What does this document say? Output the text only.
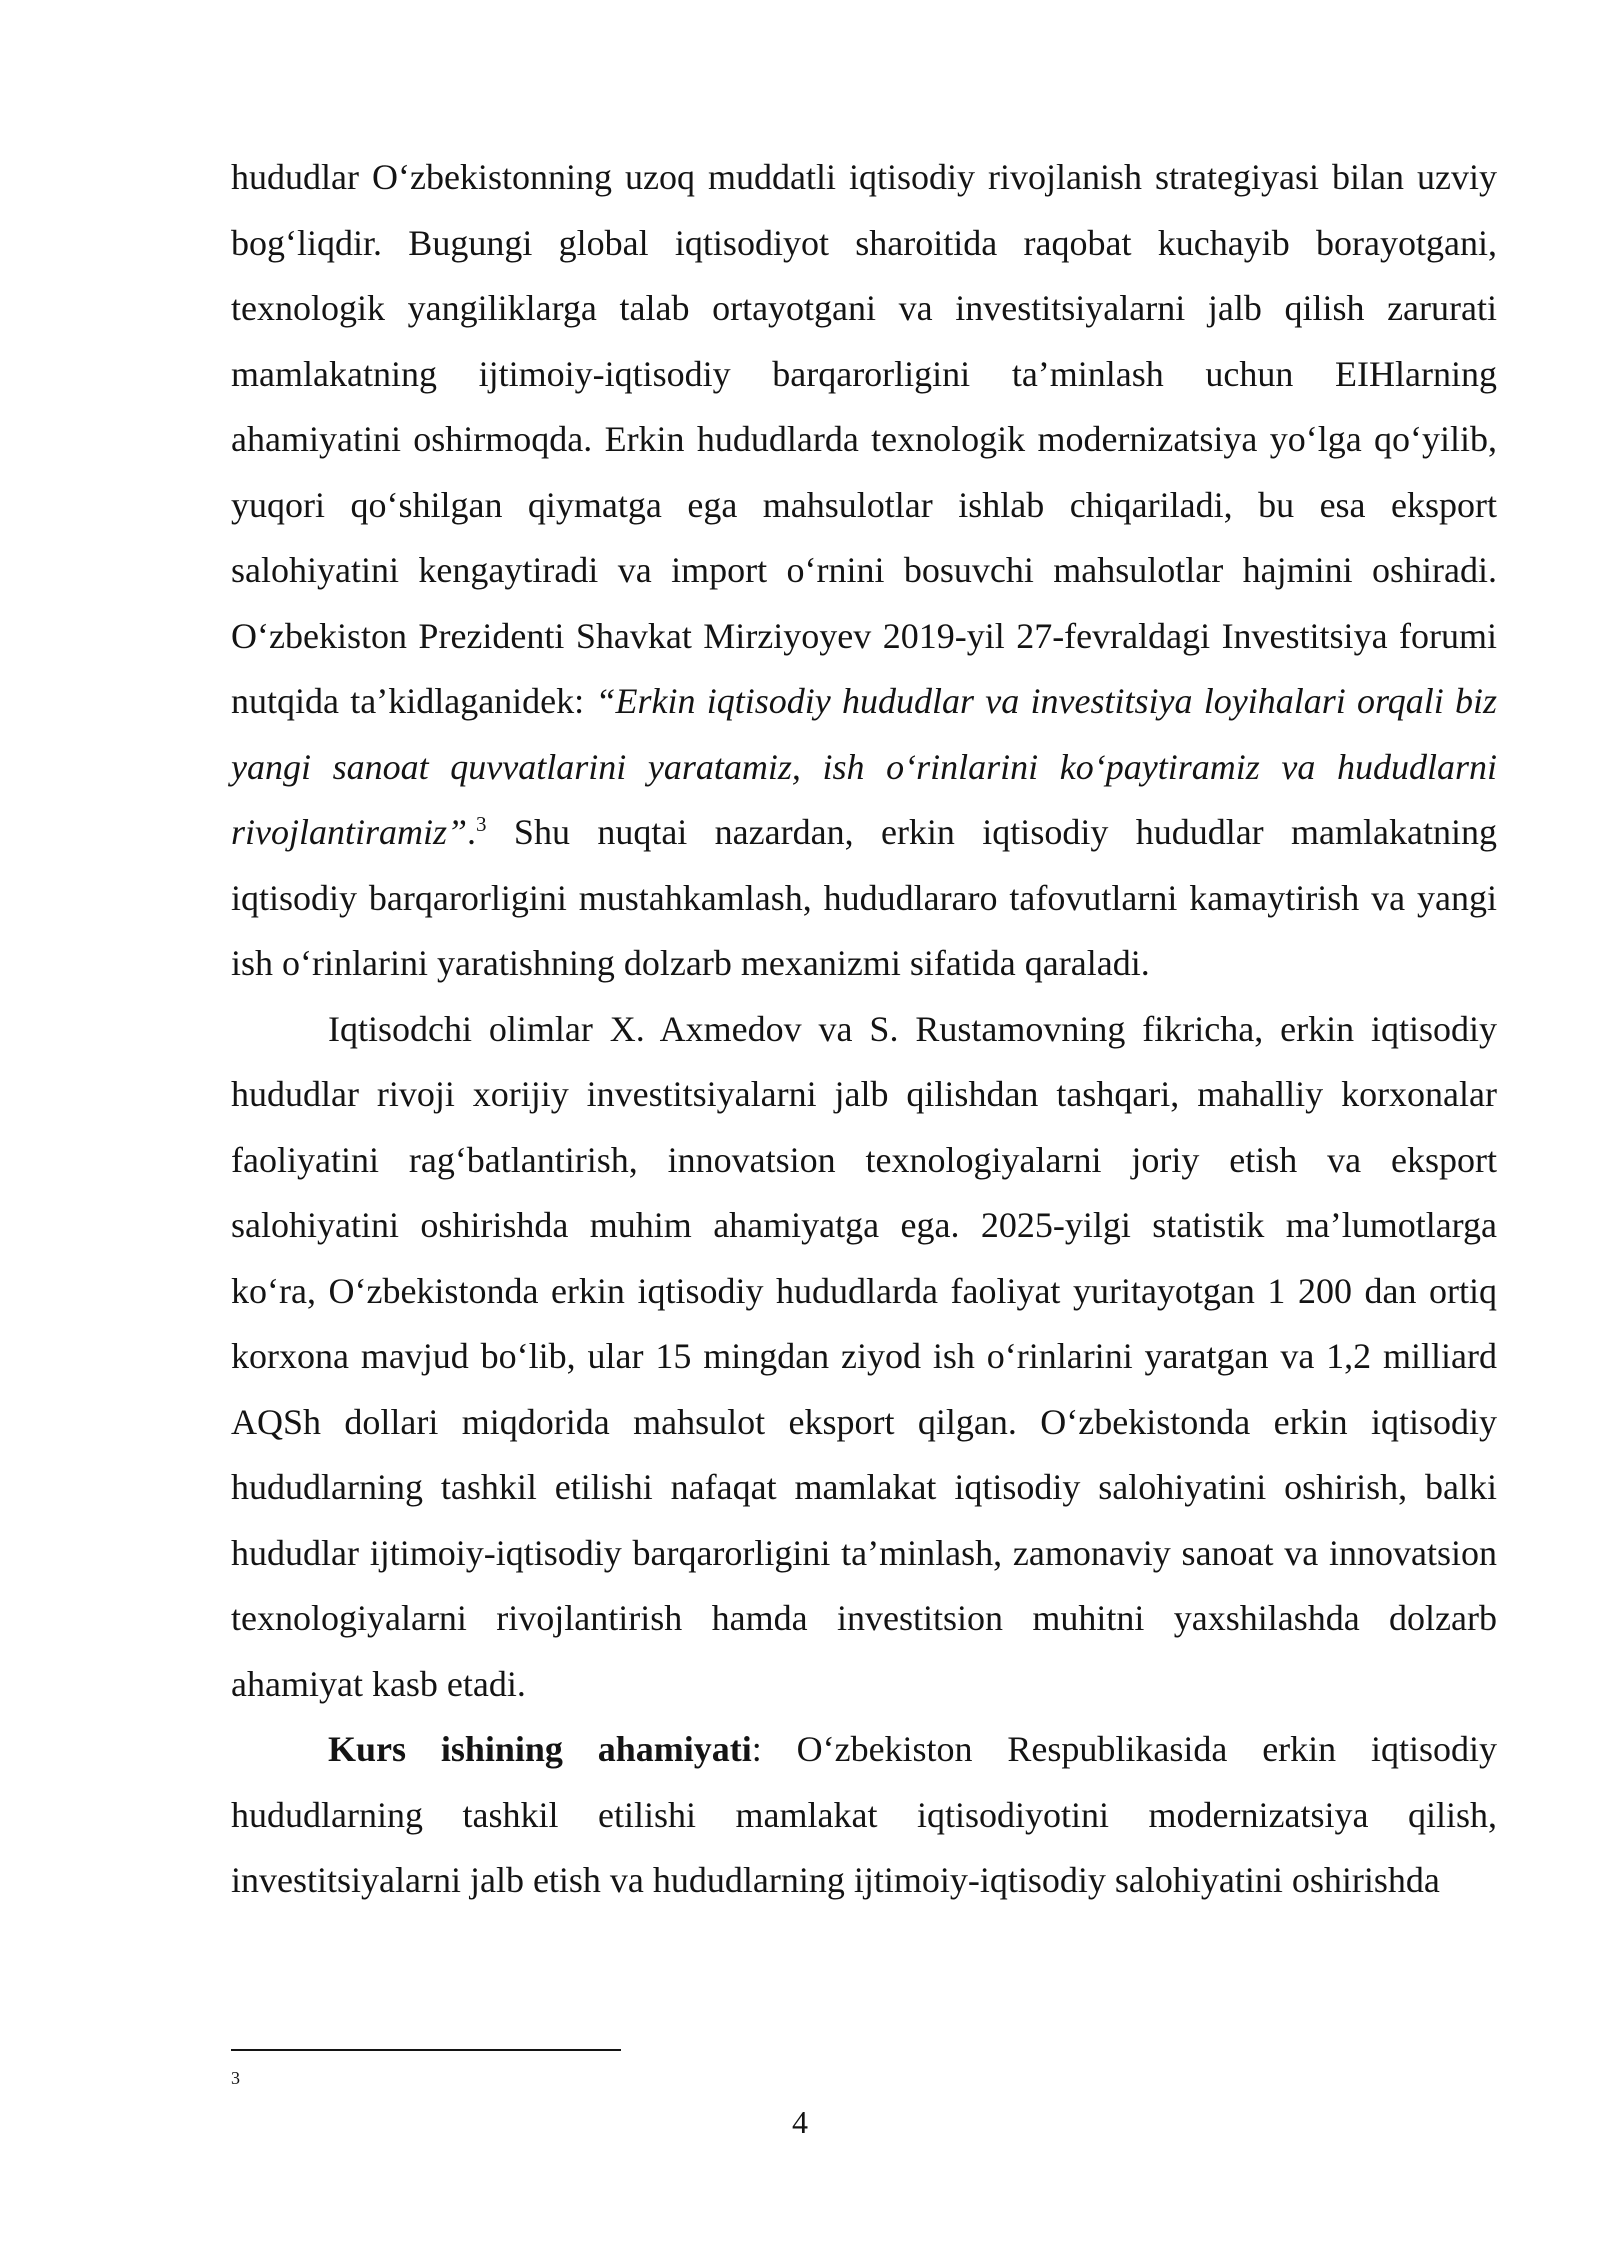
hududlar O‘zbekistonning uzoq muddatli iqtisodiy rivojlanish strategiyasi bilan uzviy bog‘liqdir. Bugungi global iqtisodiyot sharoitida raqobat kuchayib borayotgani, texnologik yangiliklarga talab ortayotgani va investitsiyalarni jalb qilish zarurati mamlakatning ijtimoiy-iqtisodiy barqarorligini ta’minlash uchun EIHlarning ahamiyatini oshirmoqda. Erkin hududlarda texnologik modernizatsiya yo‘lga qo‘yilib, yuqori qo‘shilgan qiymatga ega mahsulotlar ishlab chiqariladi, bu esa eksport salohiyatini kengaytiradi va import o‘rnini bosuvchi mahsulotlar hajmini oshiradi. O‘zbekiston Prezidenti Shavkat Mirziyoyev 2019-yil 27-fevraldagi Investitsiya forumi nutqida ta’kidlaganidek: “Erkin iqtisodiy hududlar va investitsiya loyihalari orqali biz yangi sanoat quvvatlarini yaratamiz, ish o‘rinlarini ko‘paytiramiz va hududlarni rivojlantiramiz”.$^3$ Shu nuqtai nazardan, erkin iqtisodiy hududlar mamlakatning iqtisodiy barqarorligini mustahkamlash, hududlararo tafovutlarni kamaytirish va yangi ish o‘rinlarini yaratishning dolzarb mexanizmi sifatida qaraladi.

Iqtisodchi olimlar X. Axmedov va S. Rustamovning fikricha, erkin iqtisodiy hududlar rivoji xorijiy investitsiyalarni jalb qilishdan tashqari, mahalliy korxonalar faoliyatini rag‘batlantirish, innovatsion texnologiyalarni joriy etish va eksport salohiyatini oshirishda muhim ahamiyatga ega. 2025-yilgi statistik ma’lumotlarga ko‘ra, O‘zbekistonda erkin iqtisodiy hududlarda faoliyat yuritayotgan 1 200 dan ortiq korxona mavjud bo‘lib, ular 15 mingdan ziyod ish o‘rinlarini yaratgan va 1,2 milliard AQSh dollari miqdorida mahsulot eksport qilgan. O‘zbekistonda erkin iqtisodiy hududlarning tashkil etilishi nafaqat mamlakat iqtisodiy salohiyatini oshirish, balki hududlar ijtimoiy-iqtisodiy barqarorligini ta’minlash, zamonaviy sanoat va innovatsion texnologiyalarni rivojlantirish hamda investitsion muhitni yaxshilashda dolzarb ahamiyat kasb etadi.

Kurs ishining ahamiyati: O‘zbekiston Respublikasida erkin iqtisodiy hududlarning tashkil etilishi mamlakat iqtisodiyotini modernizatsiya qilish, investitsiyalarni jalb etish va hududlarning ijtimoiy-iqtisodiy salohiyatini oshirishda

3
4
